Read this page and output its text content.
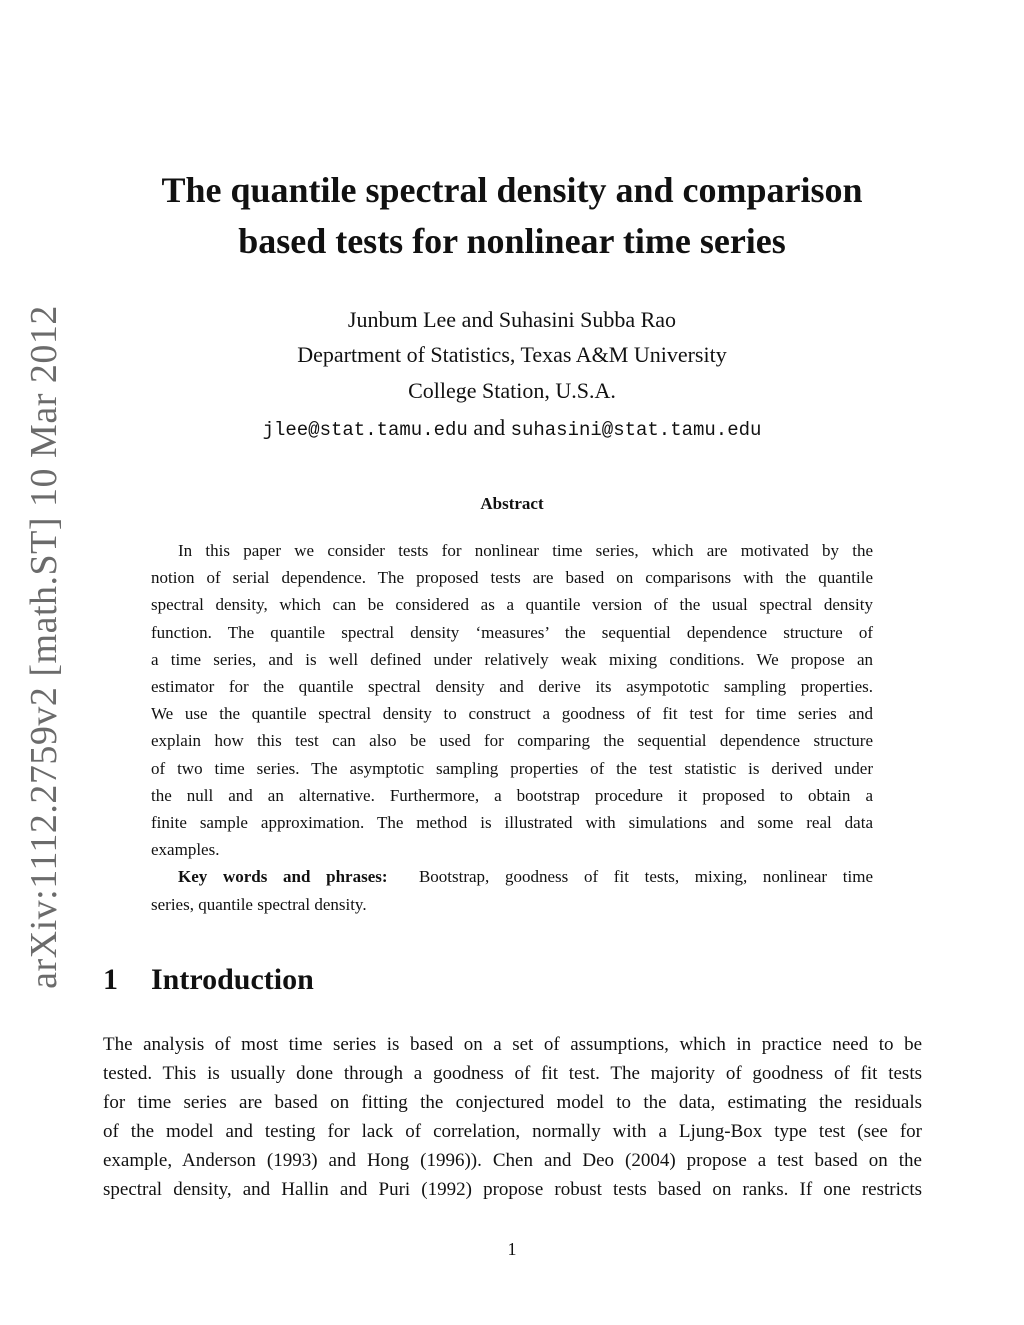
arXiv:1112.2759v2 [math.ST] 10 Mar 2012
The quantile spectral density and comparison
based tests for nonlinear time series
Junbum Lee and Suhasini Subba Rao
Department of Statistics, Texas A&M University
College Station, U.S.A.
jlee@stat.tamu.edu and suhasini@stat.tamu.edu
Abstract
In this paper we consider tests for nonlinear time series, which are motivated by the
notion of serial dependence. The proposed tests are based on comparisons with the quantile
spectral density, which can be considered as a quantile version of the usual spectral density
function. The quantile spectral density ‘measures’ the sequential dependence structure of
a time series, and is well defined under relatively weak mixing conditions. We propose an
estimator for the quantile spectral density and derive its asympototic sampling properties.
We use the quantile spectral density to construct a goodness of fit test for time series and
explain how this test can also be used for comparing the sequential dependence structure
of two time series. The asymptotic sampling properties of the test statistic is derived under
the null and an alternative. Furthermore, a bootstrap procedure it proposed to obtain a
finite sample approximation. The method is illustrated with simulations and some real data
examples.
Key words and phrases: Bootstrap, goodness of fit tests, mixing, nonlinear time
series, quantile spectral density.
1 Introduction
The analysis of most time series is based on a set of assumptions, which in practice need to be
tested. This is usually done through a goodness of fit test. The majority of goodness of fit tests
for time series are based on fitting the conjectured model to the data, estimating the residuals
of the model and testing for lack of correlation, normally with a Ljung-Box type test (see for
example, Anderson (1993) and Hong (1996)). Chen and Deo (2004) propose a test based on the
spectral density, and Hallin and Puri (1992) propose robust tests based on ranks. If one restricts
1
